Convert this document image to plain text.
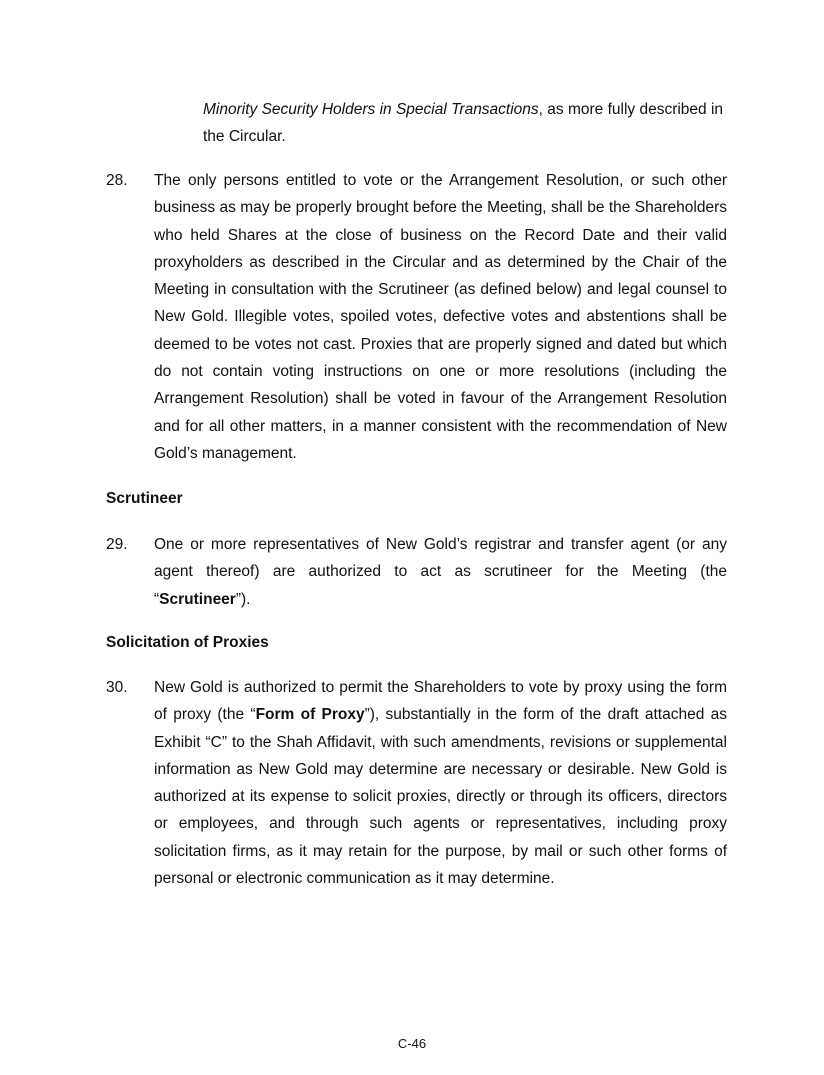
Minority Security Holders in Special Transactions, as more fully described in the Circular.
28. The only persons entitled to vote or the Arrangement Resolution, or such other business as may be properly brought before the Meeting, shall be the Shareholders who held Shares at the close of business on the Record Date and their valid proxyholders as described in the Circular and as determined by the Chair of the Meeting in consultation with the Scrutineer (as defined below) and legal counsel to New Gold. Illegible votes, spoiled votes, defective votes and abstentions shall be deemed to be votes not cast. Proxies that are properly signed and dated but which do not contain voting instructions on one or more resolutions (including the Arrangement Resolution) shall be voted in favour of the Arrangement Resolution and for all other matters, in a manner consistent with the recommendation of New Gold’s management.
Scrutineer
29. One or more representatives of New Gold’s registrar and transfer agent (or any agent thereof) are authorized to act as scrutineer for the Meeting (the “Scrutineer”).
Solicitation of Proxies
30. New Gold is authorized to permit the Shareholders to vote by proxy using the form of proxy (the “Form of Proxy”), substantially in the form of the draft attached as Exhibit “C” to the Shah Affidavit, with such amendments, revisions or supplemental information as New Gold may determine are necessary or desirable. New Gold is authorized at its expense to solicit proxies, directly or through its officers, directors or employees, and through such agents or representatives, including proxy solicitation firms, as it may retain for the purpose, by mail or such other forms of personal or electronic communication as it may determine.
C-46
